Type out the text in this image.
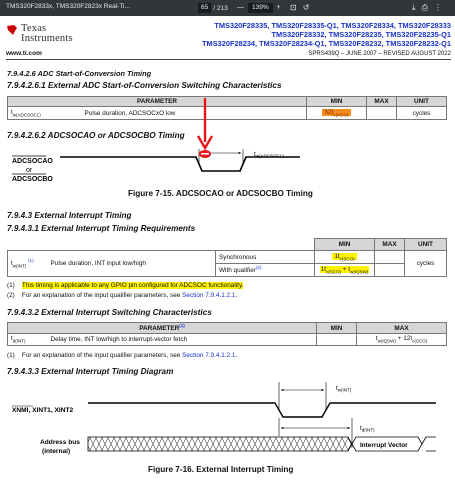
TMS320F2833x, TMS320F2823x Real-Ti...	65 / 213 —	139%	+ ⊡ ↺	⤓ ⎙ ⋮
Texas
Instruments
www.ti.com
TMS320F28335, TMS320F28335-Q1, TMS320F28334, TMS320F28333
TMS320F28332, TMS320F28235, TMS320F28235-Q1
TMS320F28234, TMS320F28234-Q1, TMS320F28232, TMS320F28232-Q1
SPRS439Q – JUNE 2007 – REVISED AUGUST 2022
7.9.4.2.6 ADC Start-of-Conversion Timing
7.9.4.2.6.1 External ADC Start-of-Conversion Switching Characteristics
PARAMETER		MIN	MAX	UNIT
$t_{w(ADCSOCL)}$	Pulse duration, ADCSOCxO low	$32t_{c(HCO)}$		cycles
7.9.4.2.6.2 ADCSOCAO or ADCSOCBO Timing
ADCSOCAO
or
ADCSOCBO
$t_{w(ADCSOCL)}$
Figure 7-15. ADCSOCAO or ADCSOCBO Timing
7.9.4.3 External Interrupt Timing
7.9.4.3.1 External Interrupt Timing Requirements
			MIN	MAX	UNIT
$t_{w(INT)}$ $^{(1)}$	Pulse duration, INT input low/high	Synchronous	$1t_{c(SCO)}$		cycles
		With qualifier$^{(2)}$	$1t_{c(SCO)} + t_{w(IQSW)}$	
(1) This timing is applicable to any GPIO pin configured for ADCSOC functionality.
(2) For an explanation of the input qualifier parameters, see Section 7.9.4.1.2.1.
7.9.4.3.2 External Interrupt Switching Characteristics
PARAMETER$^{(1)}$		MIN	MAX
$t_{d(INT)}$	Delay time, INT low/high to interrupt-vector fetch		$t_{w(IQSW)} + 12t_{c(SCO)}$
(1) For an explanation of the input qualifier parameters, see Section 7.9.4.1.2.1.
7.9.4.3.3 External Interrupt Timing Diagram
XNMI, XINT1, XINT2
$t_{w(INT)}$
$t_{d(INT)}$
Address bus
(internal)
Interrupt Vector
Figure 7-16. External Interrupt Timing
